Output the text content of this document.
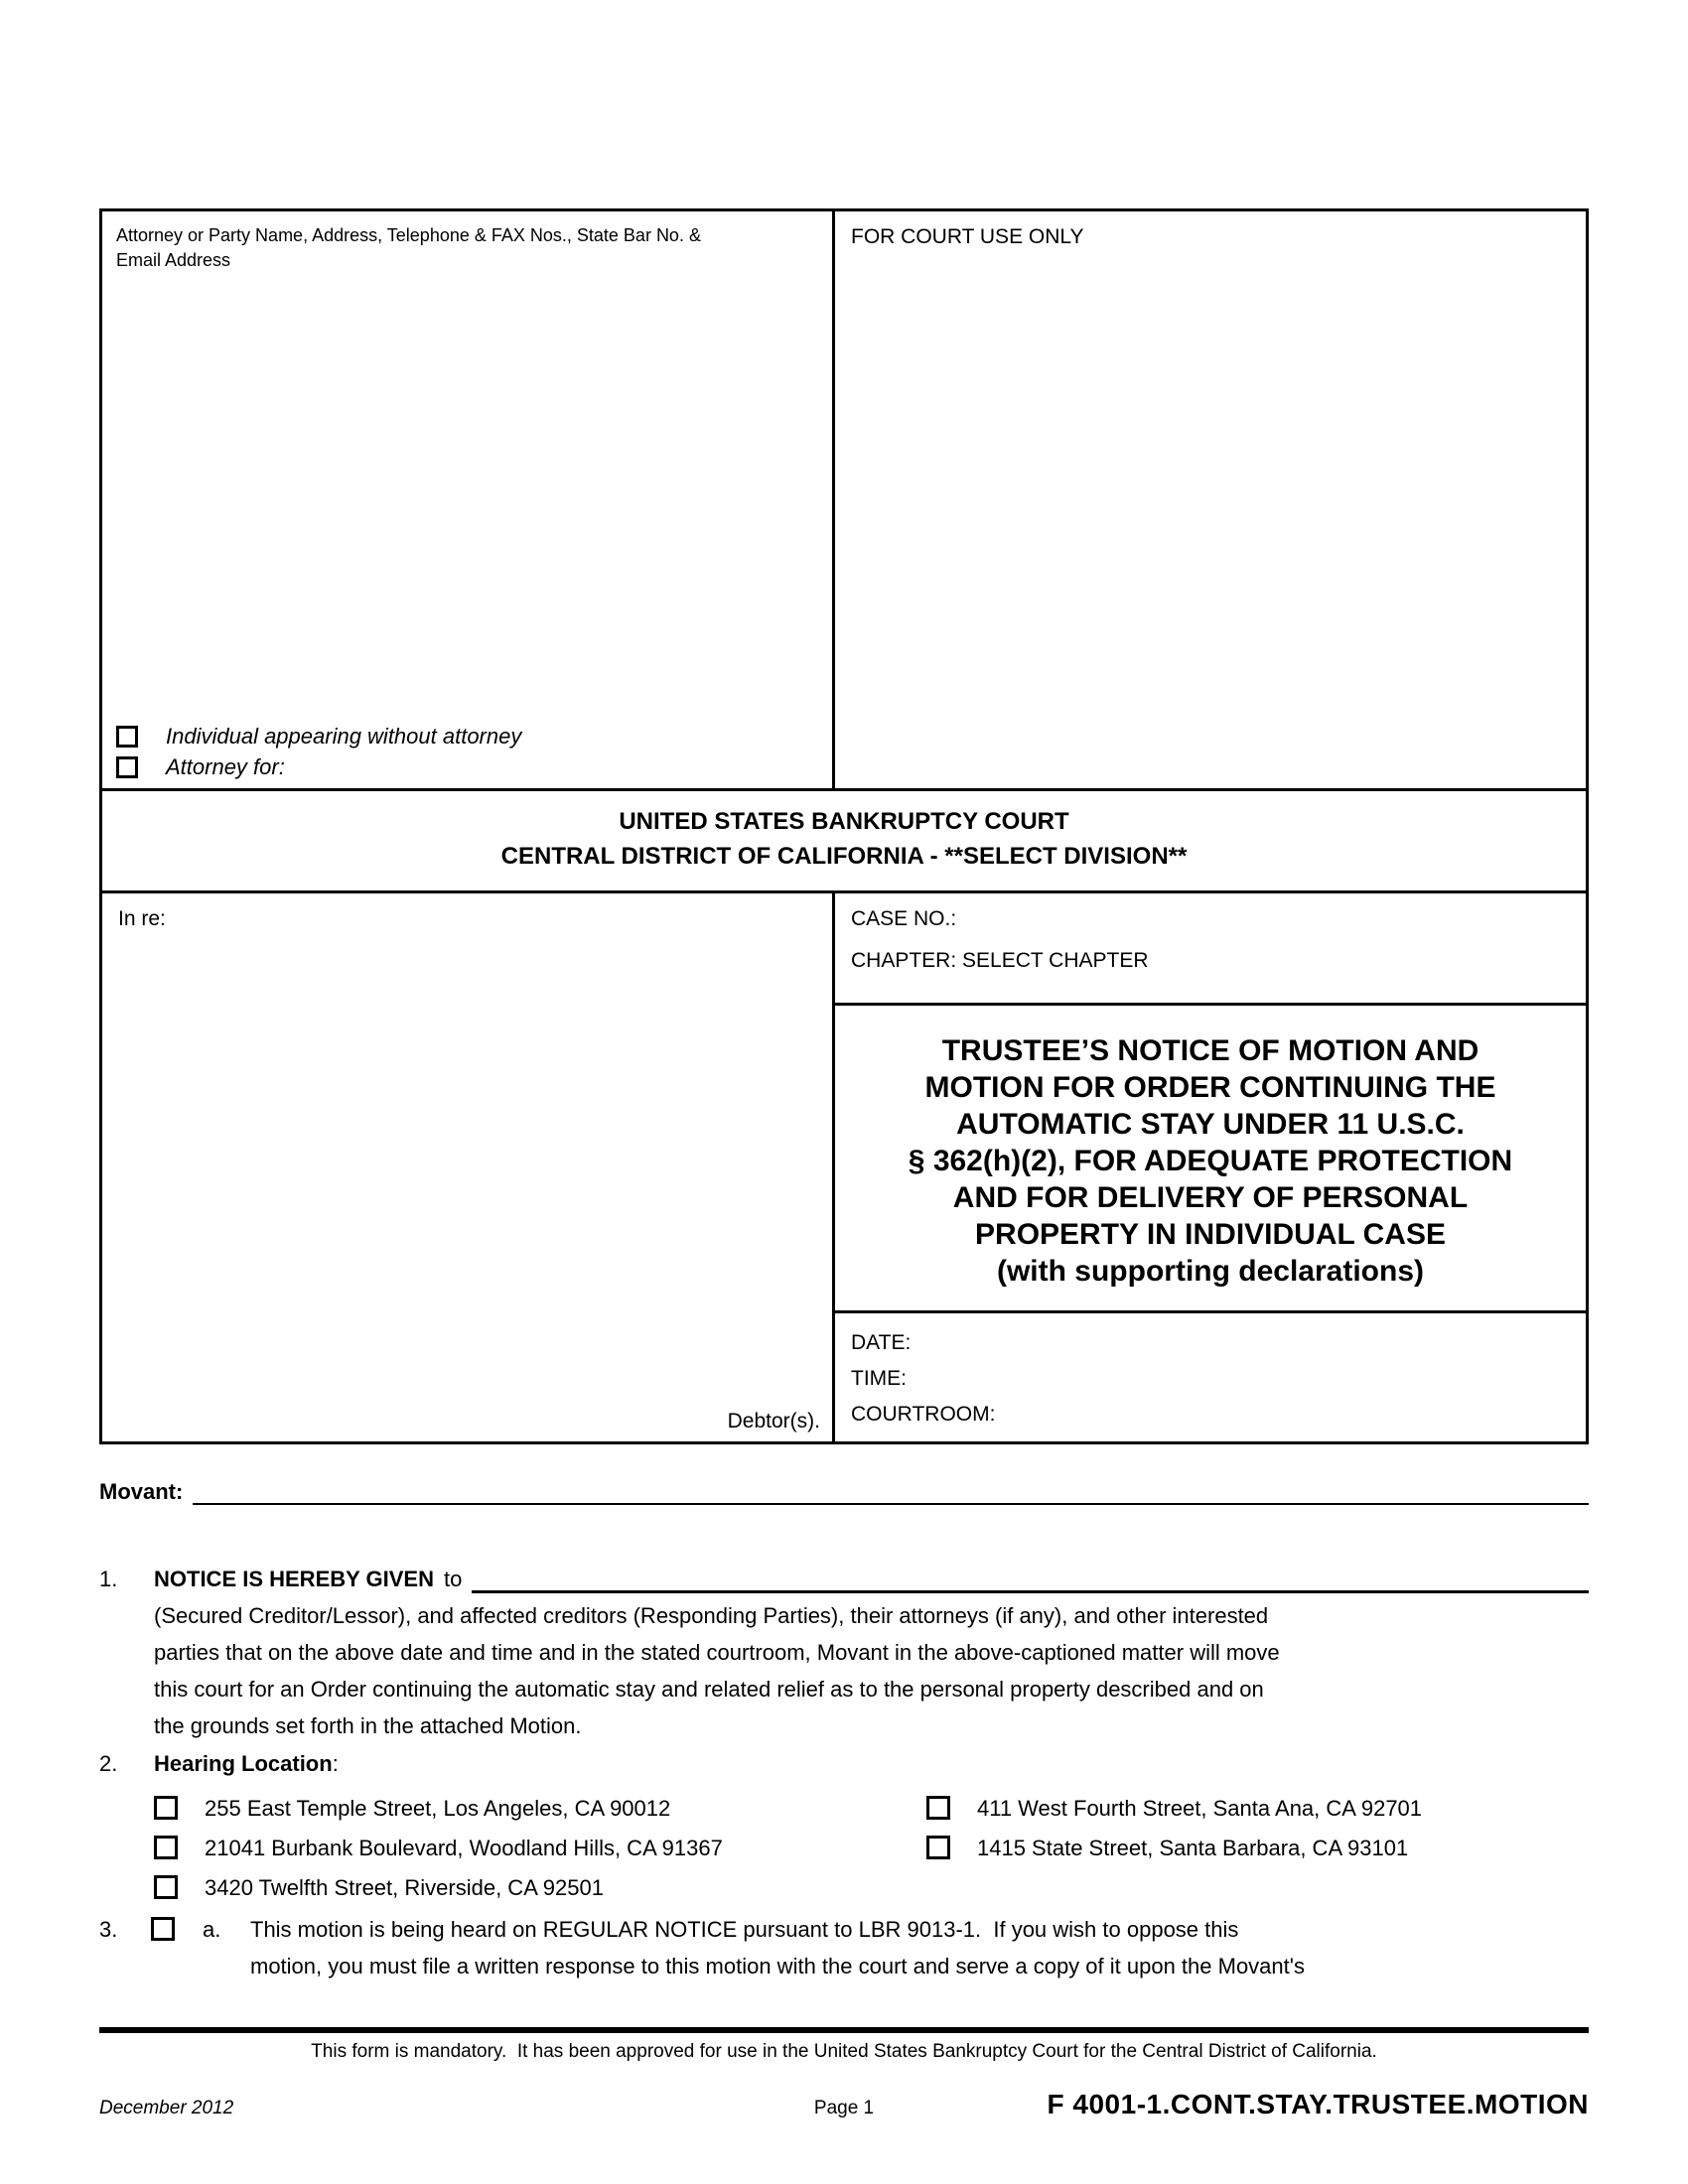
Attorney or Party Name, Address, Telephone & FAX Nos., State Bar No. & Email Address
Individual appearing without attorney
Attorney for:
FOR COURT USE ONLY
UNITED STATES BANKRUPTCY COURT
CENTRAL DISTRICT OF CALIFORNIA - **SELECT DIVISION**
In re:
Debtor(s).
CASE NO.:
CHAPTER: SELECT CHAPTER
TRUSTEE’S NOTICE OF MOTION AND
MOTION FOR ORDER CONTINUING THE
AUTOMATIC STAY UNDER 11 U.S.C.
§ 362(h)(2), FOR ADEQUATE PROTECTION
AND FOR DELIVERY OF PERSONAL
PROPERTY IN INDIVIDUAL CASE
(with supporting declarations)
DATE:
TIME:
COURTROOM:
Movant:
1.	NOTICE IS HEREBY GIVEN to
(Secured Creditor/Lessor), and affected creditors (Responding Parties), their attorneys (if any), and other interested
parties that on the above date and time and in the stated courtroom, Movant in the above-captioned matter will move
this court for an Order continuing the automatic stay and related relief as to the personal property described and on
the grounds set forth in the attached Motion.
2.	Hearing Location :
255 East Temple Street, Los Angeles, CA 90012	411 West Fourth Street, Santa Ana, CA 92701
21041 Burbank Boulevard, Woodland Hills, CA 91367	1415 State Street, Santa Barbara, CA 93101
3420 Twelfth Street, Riverside, CA 92501
3.	a.	This motion is being heard on REGULAR NOTICE pursuant to LBR 9013-1.  If you wish to oppose this
motion, you must file a written response to this motion with the court and serve a copy of it upon the Movant's
This form is mandatory.  It has been approved for use in the United States Bankruptcy Court for the Central District of California.
December 2012	Page 1	F 4001-1.CONT.STAY.TRUSTEE.MOTION
